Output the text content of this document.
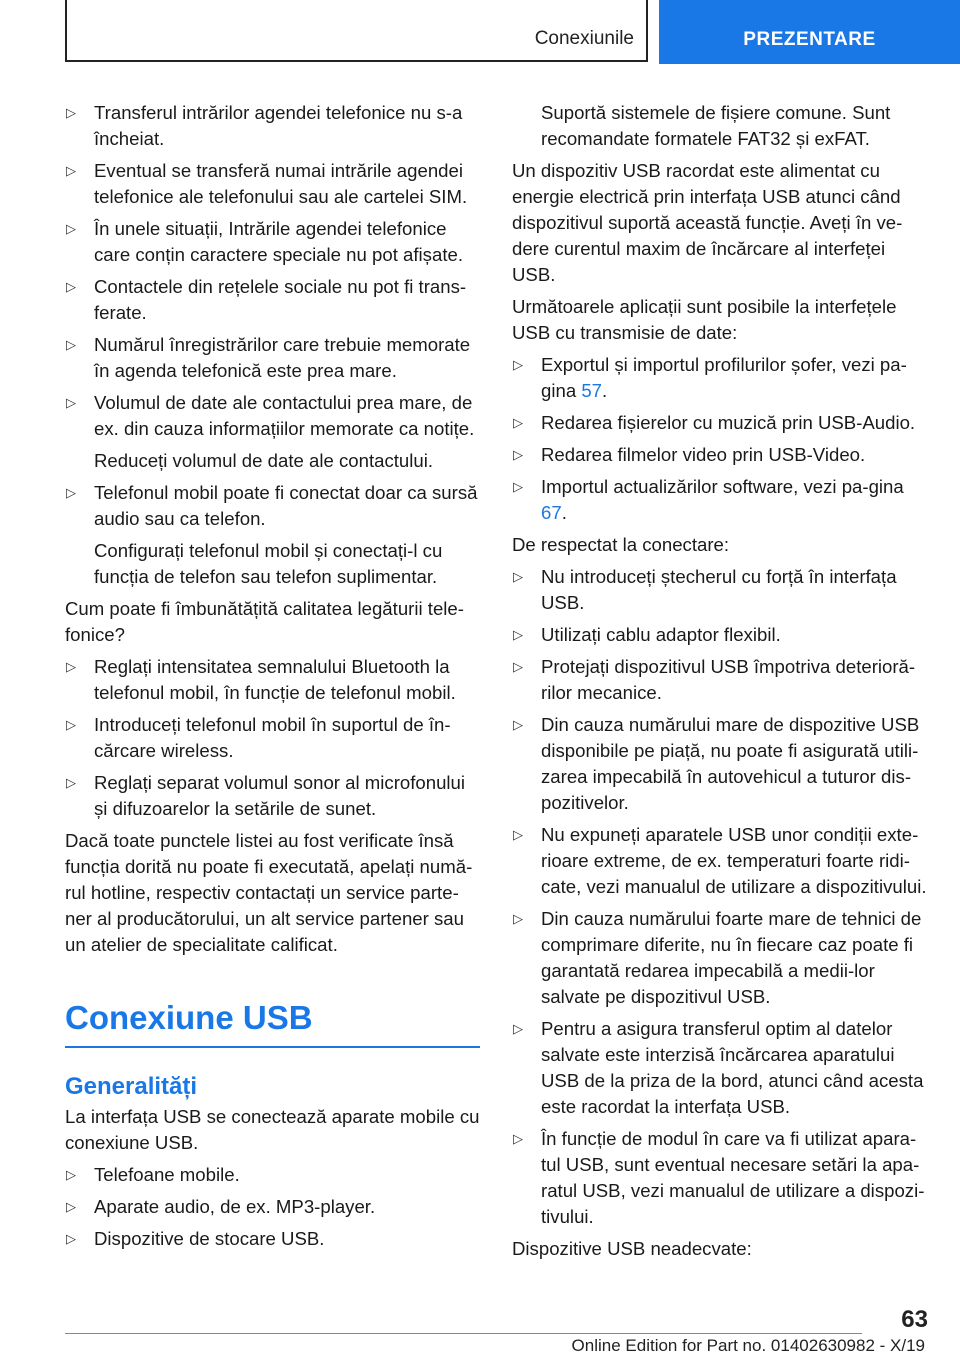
Conexiunile	PREZENTARE
▷ Transferul intrărilor agendei telefonice nu s-a încheiat.
▷ Eventual se transferă numai intrările agendei telefonice ale telefonului sau ale cartelei SIM.
▷ În unele situații, Intrările agendei telefonice care conțin caractere speciale nu pot afișate.
▷ Contactele din rețelele sociale nu pot fi trans-ferate.
▷ Numărul înregistrărilor care trebuie memorate în agenda telefonică este prea mare.
▷ Volumul de date ale contactului prea mare, de ex. din cauza informațiilor memorate ca notițe.
Reduceți volumul de date ale contactului.
▷ Telefonul mobil poate fi conectat doar ca sursă audio sau ca telefon.
Configurați telefonul mobil și conectați-l cu funcția de telefon sau telefon suplimentar.

Cum poate fi îmbunătățită calitatea legăturii tele-fonice?

▷ Reglați intensitatea semnalului Bluetooth la telefonul mobil, în funcție de telefonul mobil.
▷ Introduceți telefonul mobil în suportul de în-cărcare wireless.
▷ Reglați separat volumul sonor al microfonului și difuzoarelor la setările de sunet.

Dacă toate punctele listei au fost verificate însă funcția dorită nu poate fi executată, apelați numă-rul hotline, respectiv contactați un service parte-ner al producătorului, un alt service partener sau un atelier de specialitate calificat.

Conexiune USB
Generalități

La interfața USB se conectează aparate mobile cu conexiune USB.

▷ Telefoane mobile.
▷ Aparate audio, de ex. MP3-player.
▷ Dispozitive de stocare USB.
Suportă sistemele de fișiere comune. Sunt recomandate formatele FAT32 și exFAT.

Un dispozitiv USB racordat este alimentat cu energie electrică prin interfața USB atunci când dispozitivul suportă această funcție. Aveți în ve-dere curentul maxim de încărcare al interfeței USB.

Următoarele aplicații sunt posibile la interfețele USB cu transmisie de date:

▷ Exportul și importul profilurilor șofer, vezi pa-gina 57.
▷ Redarea fișierelor cu muzică prin USB-Audio.
▷ Redarea filmelor video prin USB-Video.
▷ Importul actualizărilor software, vezi pa-gina 67.

De respectat la conectare:

▷ Nu introduceți ștecherul cu forță în interfața USB.
▷ Utilizați cablu adaptor flexibil.
▷ Protejați dispozitivul USB împotriva deterioră-rilor mecanice.
▷ Din cauza numărului mare de dispozitive USB disponibile pe piață, nu poate fi asigurată utili-zarea impecabilă în autovehicul a tuturor dis-pozitivelor.
▷ Nu expuneți aparatele USB unor condiții exte-rioare extreme, de ex. temperaturi foarte ridi-cate, vezi manualul de utilizare a dispozitivului.
▷ Din cauza numărului foarte mare de tehnici de comprimare diferite, nu în fiecare caz poate fi garantată redarea impecabilă a medii-lor salvate pe dispozitivul USB.
▷ Pentru a asigura transferul optim al datelor salvate este interzisă încărcarea aparatului USB de la priza de la bord, atunci când acesta este racordat la interfața USB.
▷ În funcție de modul în care va fi utilizat apara-tul USB, sunt eventual necesare setări la apa-ratul USB, vezi manualul de utilizare a dispozi-tivului.

Dispozitive USB neadecvate:

63
Online Edition for Part no. 01402630982 - X/19
